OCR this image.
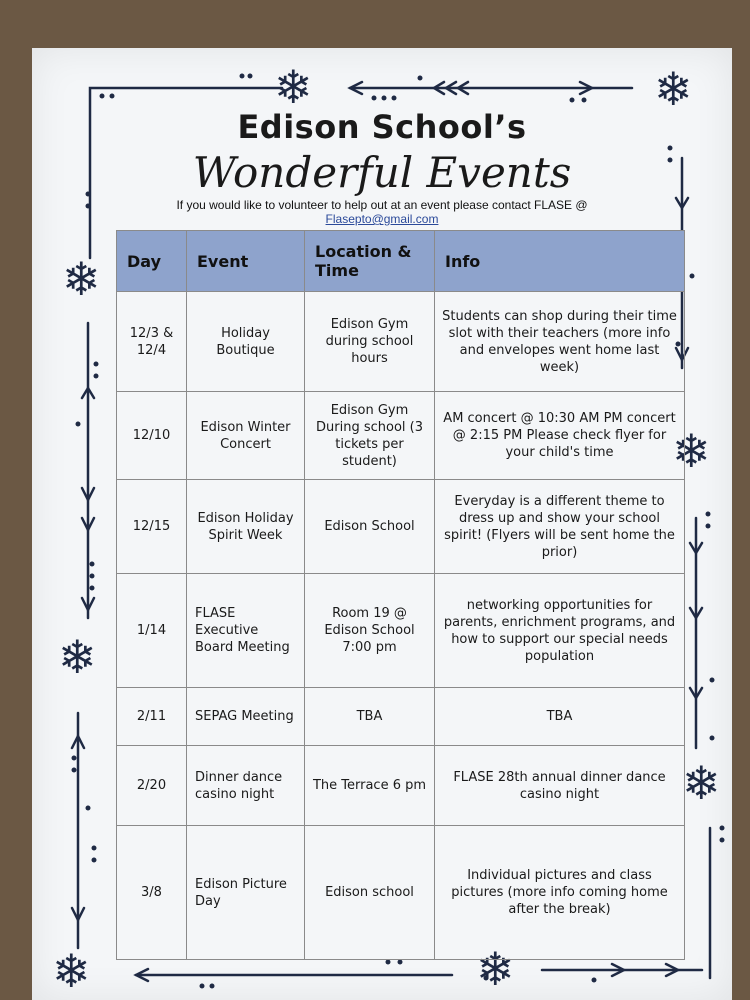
❄	❄
❄
❄
❄
❄
❄	❄
Edison School’s
Wonderful Events
If you would like to volunteer to help out at an event please contact FLASE @
Flasepto@gmail.com
Day	Event	Location & Time	Info
12/3 & 12/4	Holiday Boutique	Edison Gym during school hours	Students can shop during their time slot with their teachers (more info and envelopes went home last week)
12/10	Edison Winter Concert	Edison Gym During school (3 tickets per student)	AM concert @ 10:30 AM PM concert @ 2:15 PM Please check flyer for your child's time
12/15	Edison Holiday Spirit Week	Edison School	Everyday is a different theme to dress up and show your school spirit! (Flyers will be sent home the prior)
1/14	FLASE Executive Board Meeting	Room 19 @ Edison School 7:00 pm	networking opportunities for parents, enrichment programs, and how to support our special needs population
2/11	SEPAG Meeting	TBA	TBA
2/20	Dinner dance casino night	The Terrace 6 pm	FLASE 28th annual dinner dance casino night
3/8	Edison Picture Day	Edison school	Individual pictures and class pictures (more info coming home after the break)
